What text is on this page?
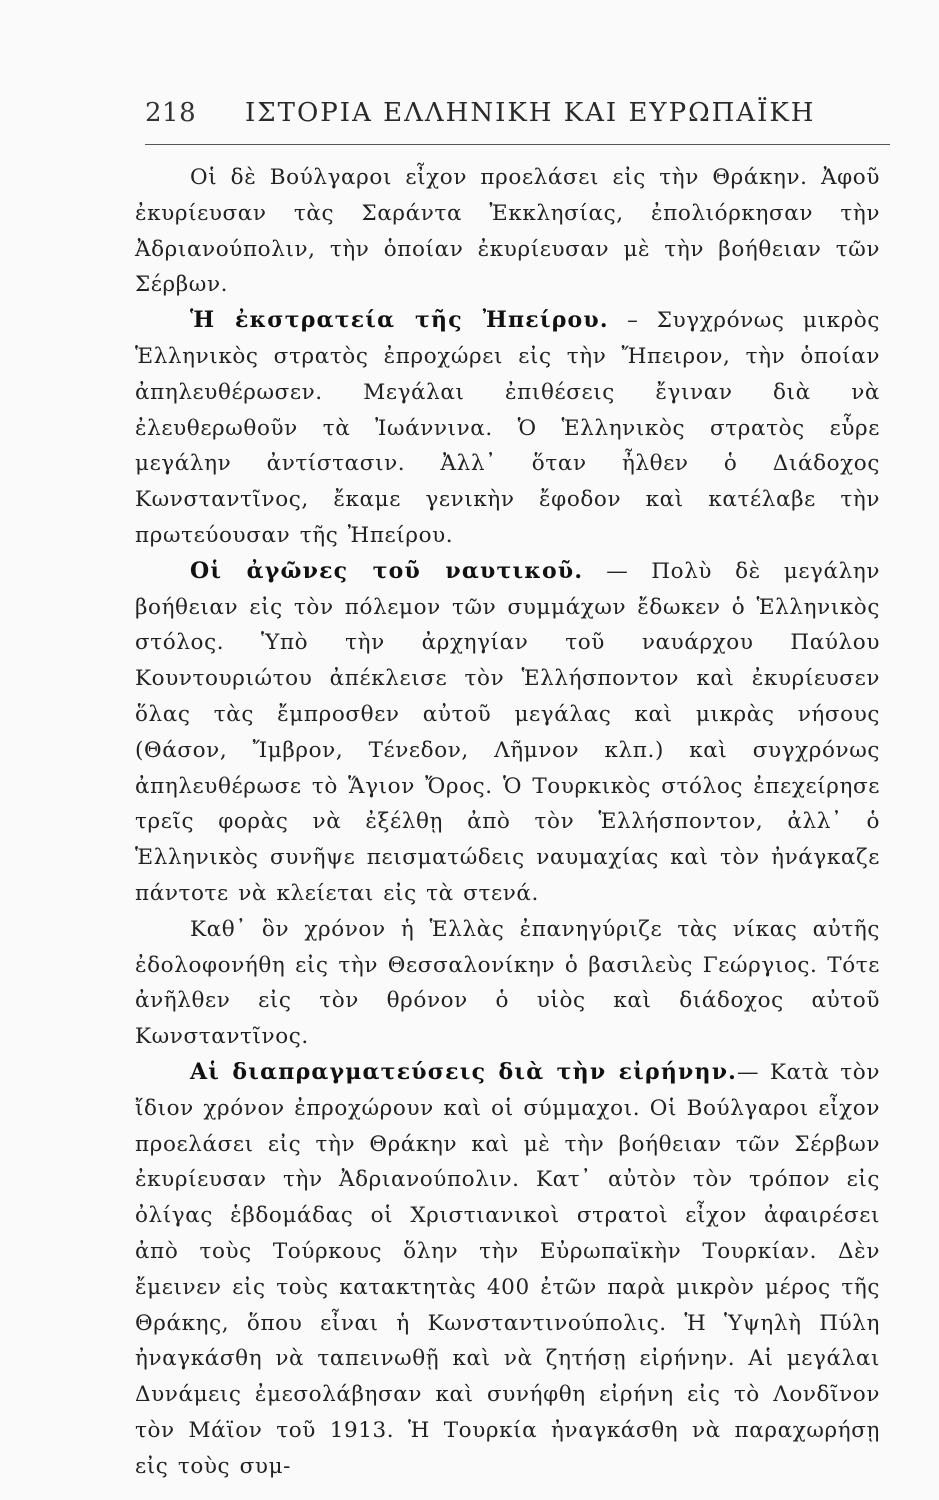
218 ΙΣΤΟΡΙΑ ΕΛΛΗΝΙΚΗ ΚΑΙ ΕΥΡΩΠΑΪΚΗ

Οἱ δὲ Βούλγαροι εἶχον προελάσει εἰς τὴν Θράκην. Ἀφοῦ ἐκυρίευσαν τὰς Σαράντα Ἐκκλησίας, ἐπολιόρκησαν τὴν Ἀδριανούπολιν, τὴν ὁποίαν ἐκυρίευσαν μὲ τὴν βοήθειαν τῶν Σέρβων.

Ἡ ἐκστρατεία τῆς Ἠπείρου. – Συγχρόνως μικρὸς Ἑλληνικὸς στρατὸς ἐπροχώρει εἰς τὴν Ἤπειρον, τὴν ὁποίαν ἀπηλευθέρωσεν. Μεγάλαι ἐπιθέσεις ἔγιναν διὰ νὰ ἐλευθερωθοῦν τὰ Ἰωάννινα. Ὁ Ἑλληνικὸς στρατὸς εὗρε μεγάλην ἀντίστασιν. Ἀλλ᾽ ὅταν ἦλθεν ὁ Διάδοχος Κωνσταντῖνος, ἔκαμε γενικὴν ἔφοδον καὶ κατέλαβε τὴν πρωτεύουσαν τῆς Ἠπείρου.

Οἱ ἀγῶνες τοῦ ναυτικοῦ. — Πολὺ δὲ μεγάλην βοήθειαν εἰς τὸν πόλεμον τῶν συμμάχων ἔδωκεν ὁ Ἑλληνικὸς στόλος. Ὑπὸ τὴν ἀρχηγίαν τοῦ ναυάρχου Παύλου Κουντουριώτου ἀπέκλεισε τὸν Ἑλλήσποντον καὶ ἐκυρίευσεν ὅλας τὰς ἔμπροσθεν αὐτοῦ μεγάλας καὶ μικρὰς νήσους (Θάσον, Ἴμβρον, Τένεδον, Λῆμνον κλπ.) καὶ συγχρόνως ἀπηλευθέρωσε τὸ Ἅγιον Ὄρος. Ὁ Τουρκικὸς στόλος ἐπεχείρησε τρεῖς φορὰς νὰ ἐξέλθῃ ἀπὸ τὸν Ἑλλήσποντον, ἀλλ᾽ ὁ Ἑλληνικὸς συνῆψε πεισματώδεις ναυμαχίας καὶ τὸν ἠνάγκαζε πάντοτε νὰ κλείεται εἰς τὰ στενά.

Καθ᾽ ὃν χρόνον ἡ Ἑλλὰς ἐπανηγύριζε τὰς νίκας αὐτῆς ἐδολοφονήθη εἰς τὴν Θεσσαλονίκην ὁ βασιλεὺς Γεώργιος. Τότε ἀνῆλθεν εἰς τὸν θρόνον ὁ υἱὸς καὶ διάδοχος αὐτοῦ Κωνσταντῖνος.

Αἱ διαπραγματεύσεις διὰ τὴν εἰρήνην.— Κατὰ τὸν ἴδιον χρόνον ἐπροχώρουν καὶ οἱ σύμμαχοι. Οἱ Βούλγαροι εἶχον προελάσει εἰς τὴν Θράκην καὶ μὲ τὴν βοήθειαν τῶν Σέρβων ἐκυρίευσαν τὴν Ἀδριανούπολιν. Κατ᾽ αὐτὸν τὸν τρόπον εἰς ὀλίγας ἑβδομάδας οἱ Χριστιανικοὶ στρατοὶ εἶχον ἀφαιρέσει ἀπὸ τοὺς Τούρκους ὅλην τὴν Εὐρωπαϊκὴν Τουρκίαν. Δὲν ἔμεινεν εἰς τοὺς κατακτητὰς 400 ἐτῶν παρὰ μικρὸν μέρος τῆς Θράκης, ὅπου εἶναι ἡ Κωνσταντινούπολις. Ἡ Ὑψηλὴ Πύλη ἠναγκάσθη νὰ ταπεινωθῇ καὶ νὰ ζητήσῃ εἰρήνην. Αἱ μεγάλαι Δυνάμεις ἐμεσολάβησαν καὶ συνήφθη εἰρήνη εἰς τὸ Λονδῖνον τὸν Μάϊον τοῦ 1913. Ἡ Τουρκία ἠναγκάσθη νὰ παραχωρήσῃ εἰς τοὺς συμ-
